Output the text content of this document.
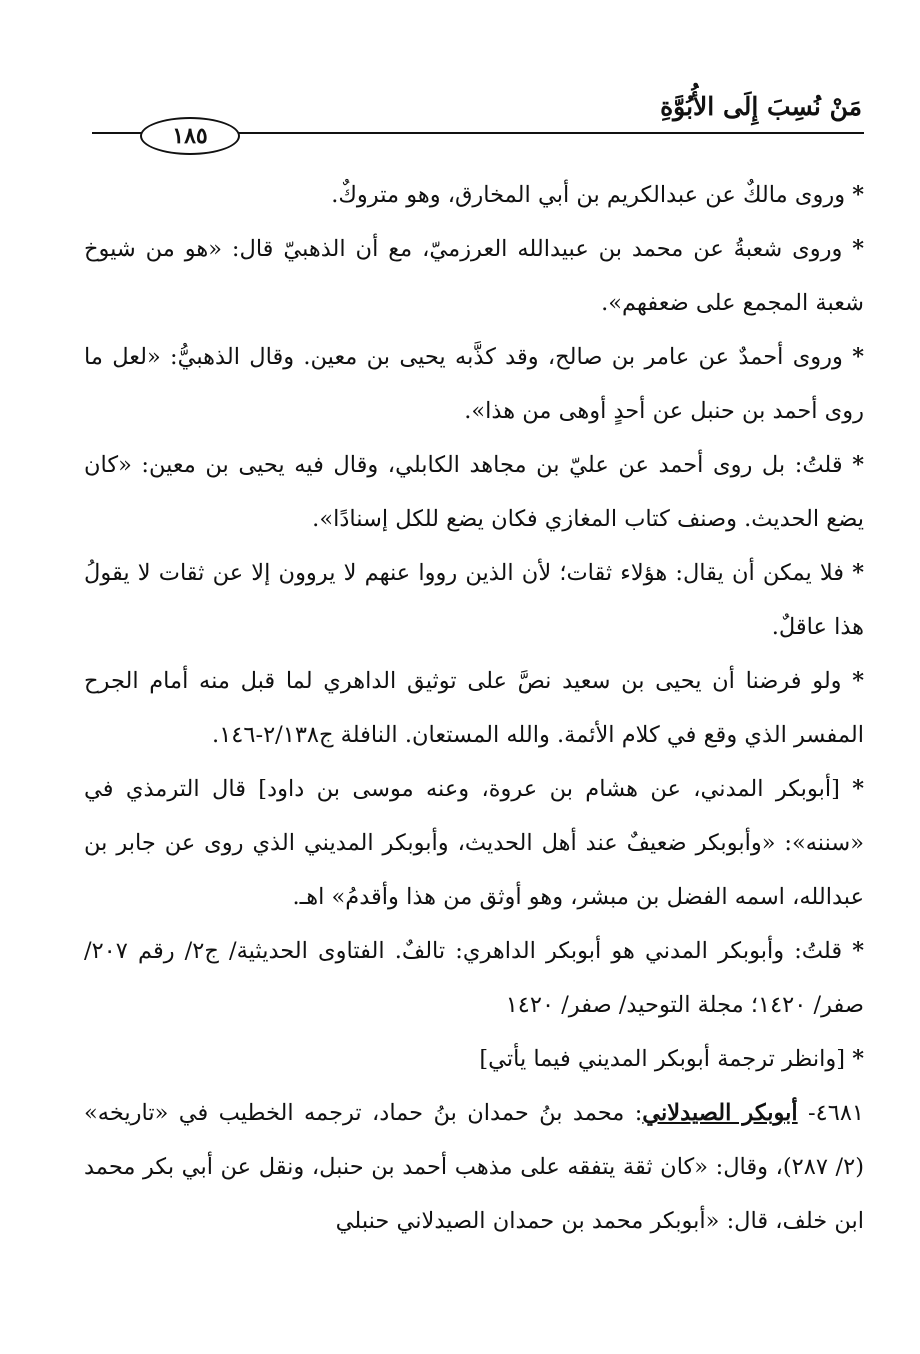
مَنْ نُسِبَ إِلَى الأُبُوَّةِ
١٨٥

* وروى مالكٌ عن عبدالكريم بن أبي المخارق، وهو متروكٌ.

* وروى شعبةُ عن محمد بن عبيدالله العرزميّ، مع أن الذهبيّ قال: «هو من شيوخ شعبة المجمع على ضعفهم».

* وروى أحمدٌ عن عامر بن صالح، وقد كذَّبه يحيى بن معين. وقال الذهبيُّ: «لعل ما روى أحمد بن حنبل عن أحدٍ أوهى من هذا».

* قلتُ: بل روى أحمد عن عليّ بن مجاهد الكابلي، وقال فيه يحيى بن معين: «كان يضع الحديث. وصنف كتاب المغازي فكان يضع للكل إسنادًا».

* فلا يمكن أن يقال: هؤلاء ثقات؛ لأن الذين رووا عنهم لا يروون إلا عن ثقات لا يقولُ هذا عاقلٌ.

* ولو فرضنا أن يحيى بن سعيد نصَّ على توثيق الداهري لما قبل منه أمام الجرح المفسر الذي وقع في كلام الأئمة. والله المستعان. النافلة ج٢/١٣٨-١٤٦.

* [أبوبكر المدني، عن هشام بن عروة، وعنه موسى بن داود] قال الترمذي في «سننه»: «وأبوبكر ضعيفٌ عند أهل الحديث، وأبوبكر المديني الذي روى عن جابر بن عبدالله، اسمه الفضل بن مبشر، وهو أوثق من هذا وأقدمُ» اهـ.

* قلتُ: وأبوبكر المدني هو أبوبكر الداهري: تالفٌ. الفتاوى الحديثية/ ج٢/ رقم ٢٠٧/ صفر/ ١٤٢٠؛ مجلة التوحيد/ صفر/ ١٤٢٠

* [وانظر ترجمة أبوبكر المديني فيما يأتي]

٤٦٨١- أبوبكر الصيدلاني: محمد بنُ حمدان بنُ حماد، ترجمه الخطيب في «تاريخه» (٢/ ٢٨٧)، وقال: «كان ثقة يتفقه على مذهب أحمد بن حنبل، ونقل عن أبي بكر محمد ابن خلف، قال: «أبوبكر محمد بن حمدان الصيدلاني حنبلي
